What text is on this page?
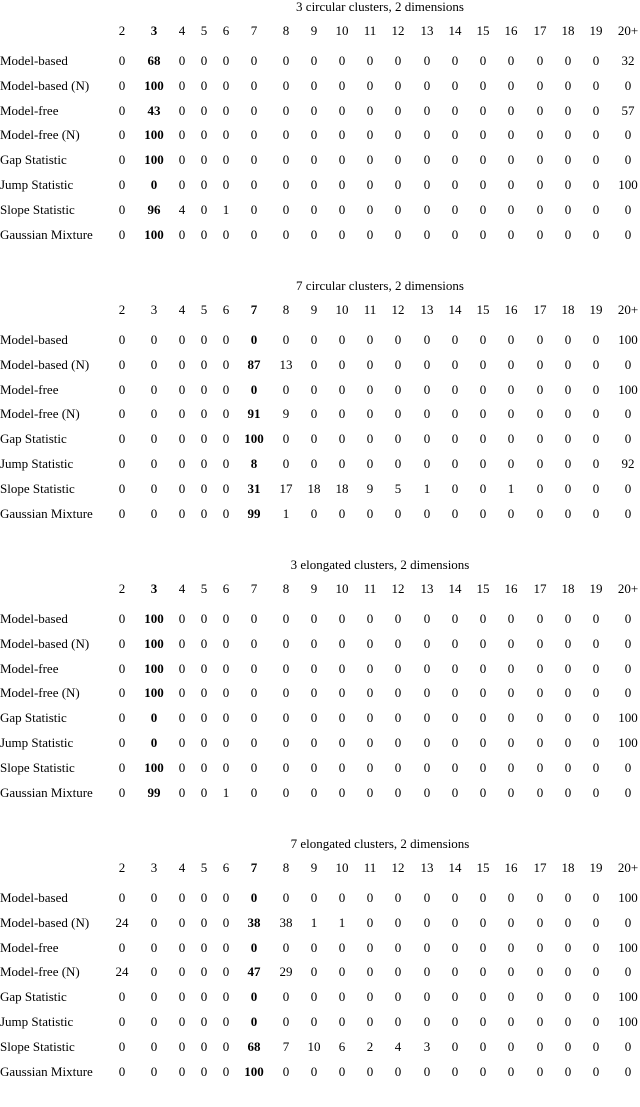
3 circular clusters, 2 dimensions
2	3	4	5	6	7	8	9	10	11	12	13	14	15	16	17	18	19	20+
Model-based	0	68	0	0	0	0	0	0	0	0	0	0	0	0	0	0	0	0	32
Model-based (N)	0	100	0	0	0	0	0	0	0	0	0	0	0	0	0	0	0	0	0
Model-free	0	43	0	0	0	0	0	0	0	0	0	0	0	0	0	0	0	0	57
Model-free (N)	0	100	0	0	0	0	0	0	0	0	0	0	0	0	0	0	0	0	0
Gap Statistic	0	100	0	0	0	0	0	0	0	0	0	0	0	0	0	0	0	0	0
Jump Statistic	0	0	0	0	0	0	0	0	0	0	0	0	0	0	0	0	0	0	100
Slope Statistic	0	96	4	0	1	0	0	0	0	0	0	0	0	0	0	0	0	0	0
Gaussian Mixture	0	100	0	0	0	0	0	0	0	0	0	0	0	0	0	0	0	0	0
7 circular clusters, 2 dimensions
2	3	4	5	6	7	8	9	10	11	12	13	14	15	16	17	18	19	20+
Model-based	0	0	0	0	0	0	0	0	0	0	0	0	0	0	0	0	0	0	100
Model-based (N)	0	0	0	0	0	87	13	0	0	0	0	0	0	0	0	0	0	0	0
Model-free	0	0	0	0	0	0	0	0	0	0	0	0	0	0	0	0	0	0	100
Model-free (N)	0	0	0	0	0	91	9	0	0	0	0	0	0	0	0	0	0	0	0
Gap Statistic	0	0	0	0	0	100	0	0	0	0	0	0	0	0	0	0	0	0	0
Jump Statistic	0	0	0	0	0	8	0	0	0	0	0	0	0	0	0	0	0	0	92
Slope Statistic	0	0	0	0	0	31	17	18	18	9	5	1	0	0	1	0	0	0	0
Gaussian Mixture	0	0	0	0	0	99	1	0	0	0	0	0	0	0	0	0	0	0	0
3 elongated clusters, 2 dimensions
2	3	4	5	6	7	8	9	10	11	12	13	14	15	16	17	18	19	20+
Model-based	0	100	0	0	0	0	0	0	0	0	0	0	0	0	0	0	0	0	0
Model-based (N)	0	100	0	0	0	0	0	0	0	0	0	0	0	0	0	0	0	0	0
Model-free	0	100	0	0	0	0	0	0	0	0	0	0	0	0	0	0	0	0	0
Model-free (N)	0	100	0	0	0	0	0	0	0	0	0	0	0	0	0	0	0	0	0
Gap Statistic	0	0	0	0	0	0	0	0	0	0	0	0	0	0	0	0	0	0	100
Jump Statistic	0	0	0	0	0	0	0	0	0	0	0	0	0	0	0	0	0	0	100
Slope Statistic	0	100	0	0	0	0	0	0	0	0	0	0	0	0	0	0	0	0	0
Gaussian Mixture	0	99	0	0	1	0	0	0	0	0	0	0	0	0	0	0	0	0	0
7 elongated clusters, 2 dimensions
2	3	4	5	6	7	8	9	10	11	12	13	14	15	16	17	18	19	20+
Model-based	0	0	0	0	0	0	0	0	0	0	0	0	0	0	0	0	0	0	100
Model-based (N)	24	0	0	0	0	38	38	1	1	0	0	0	0	0	0	0	0	0	0
Model-free	0	0	0	0	0	0	0	0	0	0	0	0	0	0	0	0	0	0	100
Model-free (N)	24	0	0	0	0	47	29	0	0	0	0	0	0	0	0	0	0	0	0
Gap Statistic	0	0	0	0	0	0	0	0	0	0	0	0	0	0	0	0	0	0	100
Jump Statistic	0	0	0	0	0	0	0	0	0	0	0	0	0	0	0	0	0	0	100
Slope Statistic	0	0	0	0	0	68	7	10	6	2	4	3	0	0	0	0	0	0	0
Gaussian Mixture	0	0	0	0	0	100	0	0	0	0	0	0	0	0	0	0	0	0	0
